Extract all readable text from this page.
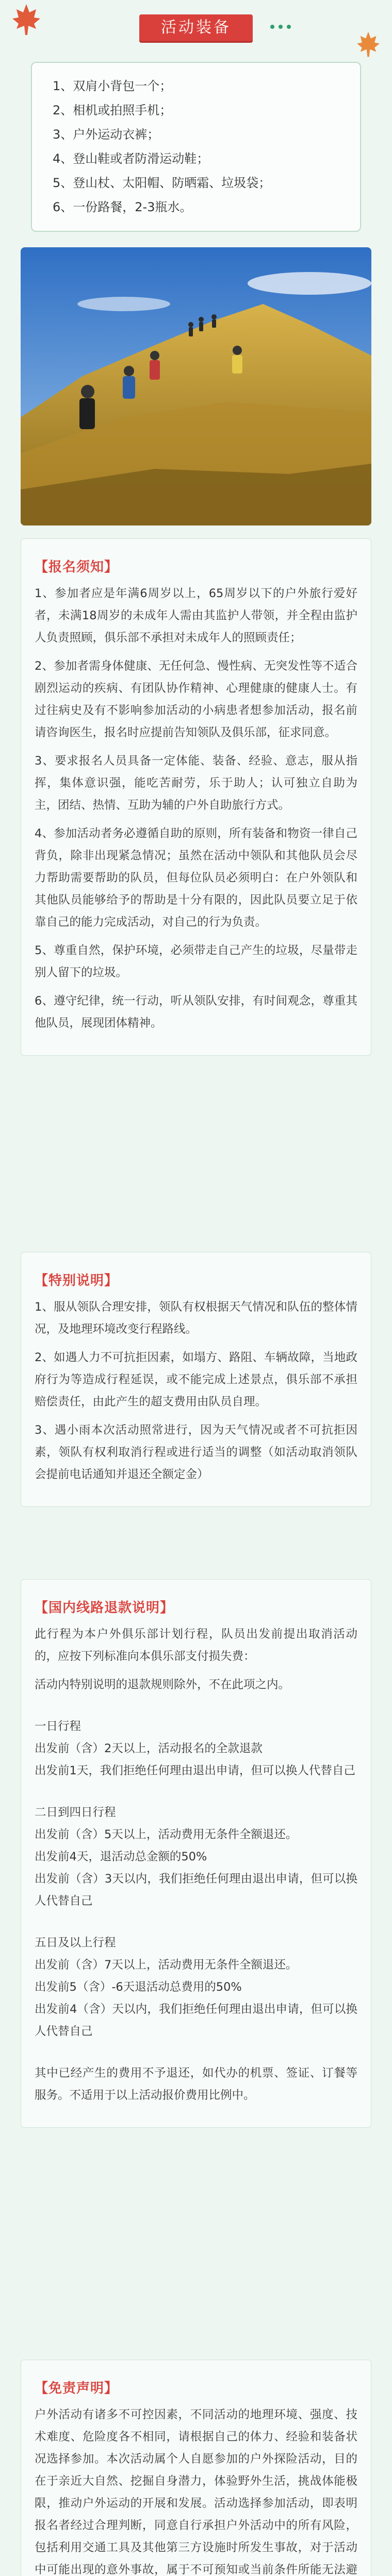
活动装备
1、双肩小背包一个；
2、相机或拍照手机；
3、户外运动衣裤；
4、登山鞋或者防滑运动鞋；
5、登山杖、太阳帽、防晒霜、垃圾袋；
6、一份路餐，2-3瓶水。
【报名须知】

1、参加者应是年满6周岁以上，65周岁以下的户外旅行爱好者，未满18周岁的未成年人需由其监护人带领，并全程由监护人负责照顾，俱乐部不承担对未成年人的照顾责任；

2、参加者需身体健康、无任何急、慢性病、无突发性等不适合剧烈运动的疾病、有团队协作精神、心理健康的健康人士。有过往病史及有不影响参加活动的小病患者想参加活动，报名前请咨询医生，报名时应提前告知领队及俱乐部，征求同意。

3、要求报名人员具备一定体能、装备、经验、意志，服从指挥，集体意识强，能吃苦耐劳，乐于助人；认可独立自助为主，团结、热情、互助为辅的户外自助旅行方式。

4、参加活动者务必遵循自助的原则，所有装备和物资一律自己背负，除非出现紧急情况；虽然在活动中领队和其他队员会尽力帮助需要帮助的队员，但每位队员必须明白：在户外领队和其他队员能够给予的帮助是十分有限的，因此队员要立足于依靠自己的能力完成活动，对自己的行为负责。

5、尊重自然，保护环境，必须带走自己产生的垃圾，尽量带走别人留下的垃圾。

6、遵守纪律，统一行动，听从领队安排，有时间观念，尊重其他队员，展现团体精神。

【特别说明】

1、服从领队合理安排，领队有权根据天气情况和队伍的整体情况，及地理环境改变行程路线。

2、如遇人力不可抗拒因素，如塌方、路阻、车辆故障，当地政府行为等造成行程延误，或不能完成上述景点，俱乐部不承担赔偿责任，由此产生的超支费用由队员自理。

3、遇小雨本次活动照常进行，因为天气情况或者不可抗拒因素，领队有权利取消行程或进行适当的调整（如活动取消领队会提前电话通知并退还全额定金）

【国内线路退款说明】

此行程为本户外俱乐部计划行程，队员出发前提出取消活动的，应按下列标准向本俱乐部支付损失费：

活动内特别说明的退款规则除外，不在此项之内。

一日行程

出发前（含）2天以上，活动报名的全款退款

出发前1天，我们拒绝任何理由退出申请，但可以换人代替自己

二日到四日行程

出发前（含）5天以上，活动费用无条件全额退还。

出发前4天，退活动总金额的50%

出发前（含）3天以内，我们拒绝任何理由退出申请，但可以换人代替自己

五日及以上行程

出发前（含）7天以上，活动费用无条件全额退还。

出发前5（含）-6天退活动总费用的50%

出发前4（含）天以内，我们拒绝任何理由退出申请，但可以换人代替自己

其中已经产生的费用不予退还，如代办的机票、签证、订餐等服务。不适用于以上活动报价费用比例中。

【免责声明】

户外活动有诸多不可控因素，不同活动的地理环境、强度、技术难度、危险度各不相同，请根据自己的体力、经验和装备状况选择参加。本次活动属个人自愿参加的户外探险活动，目的在于亲近大自然、挖掘自身潜力，体验野外生活，挑战体能极限，推动户外运动的开展和发展。活动选择参加活动，即表明报名者经过合理判断，同意自行承担户外活动中的所有风险，包括利用交通工具及其他第三方设施时所发生事故，对于活动中可能出现的意外事故，属于不可预知或当前条件所能无法避
